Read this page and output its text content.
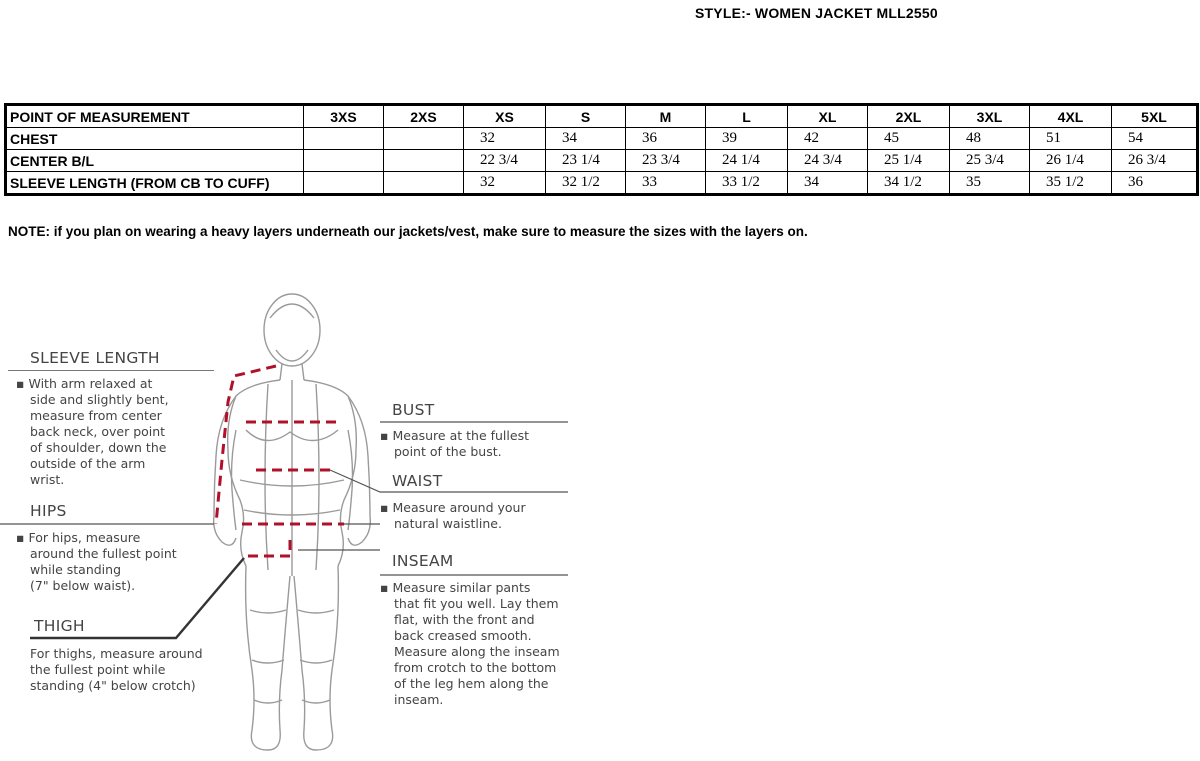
STYLE:- WOMEN JACKET MLL2550
POINT OF MEASUREMENT	3XS	2XS	XS	S	M	L	XL	2XL	3XL	4XL	5XL
CHEST			32	34	36	39	42	45	48	51	54
CENTER B/L			22 3/4	23 1/4	23 3/4	24 1/4	24 3/4	25 1/4	25 3/4	26 1/4	26 3/4
SLEEVE LENGTH (FROM CB TO CUFF)			32	32 1/2	33	33 1/2	34	34 1/2	35	35 1/2	36
NOTE: if you plan on wearing a heavy layers underneath our jackets/vest, make sure to measure the sizes with the layers on.
SLEEVE LENGTH
▪ With arm relaxed at
side and slightly bent,
measure from center
back neck, over point
of shoulder, down the
outside of the arm
wrist.
HIPS
▪ For hips, measure
around the fullest point
while standing
(7" below waist).
THIGH
For thighs, measure around
the fullest point while
standing (4" below crotch)
BUST
▪ Measure at the fullest
point of the bust.
WAIST
▪ Measure around your
natural waistline.
INSEAM
▪ Measure similar pants
that fit you well. Lay them
flat, with the front and
back creased smooth.
Measure along the inseam
from crotch to the bottom
of the leg hem along the
inseam.
